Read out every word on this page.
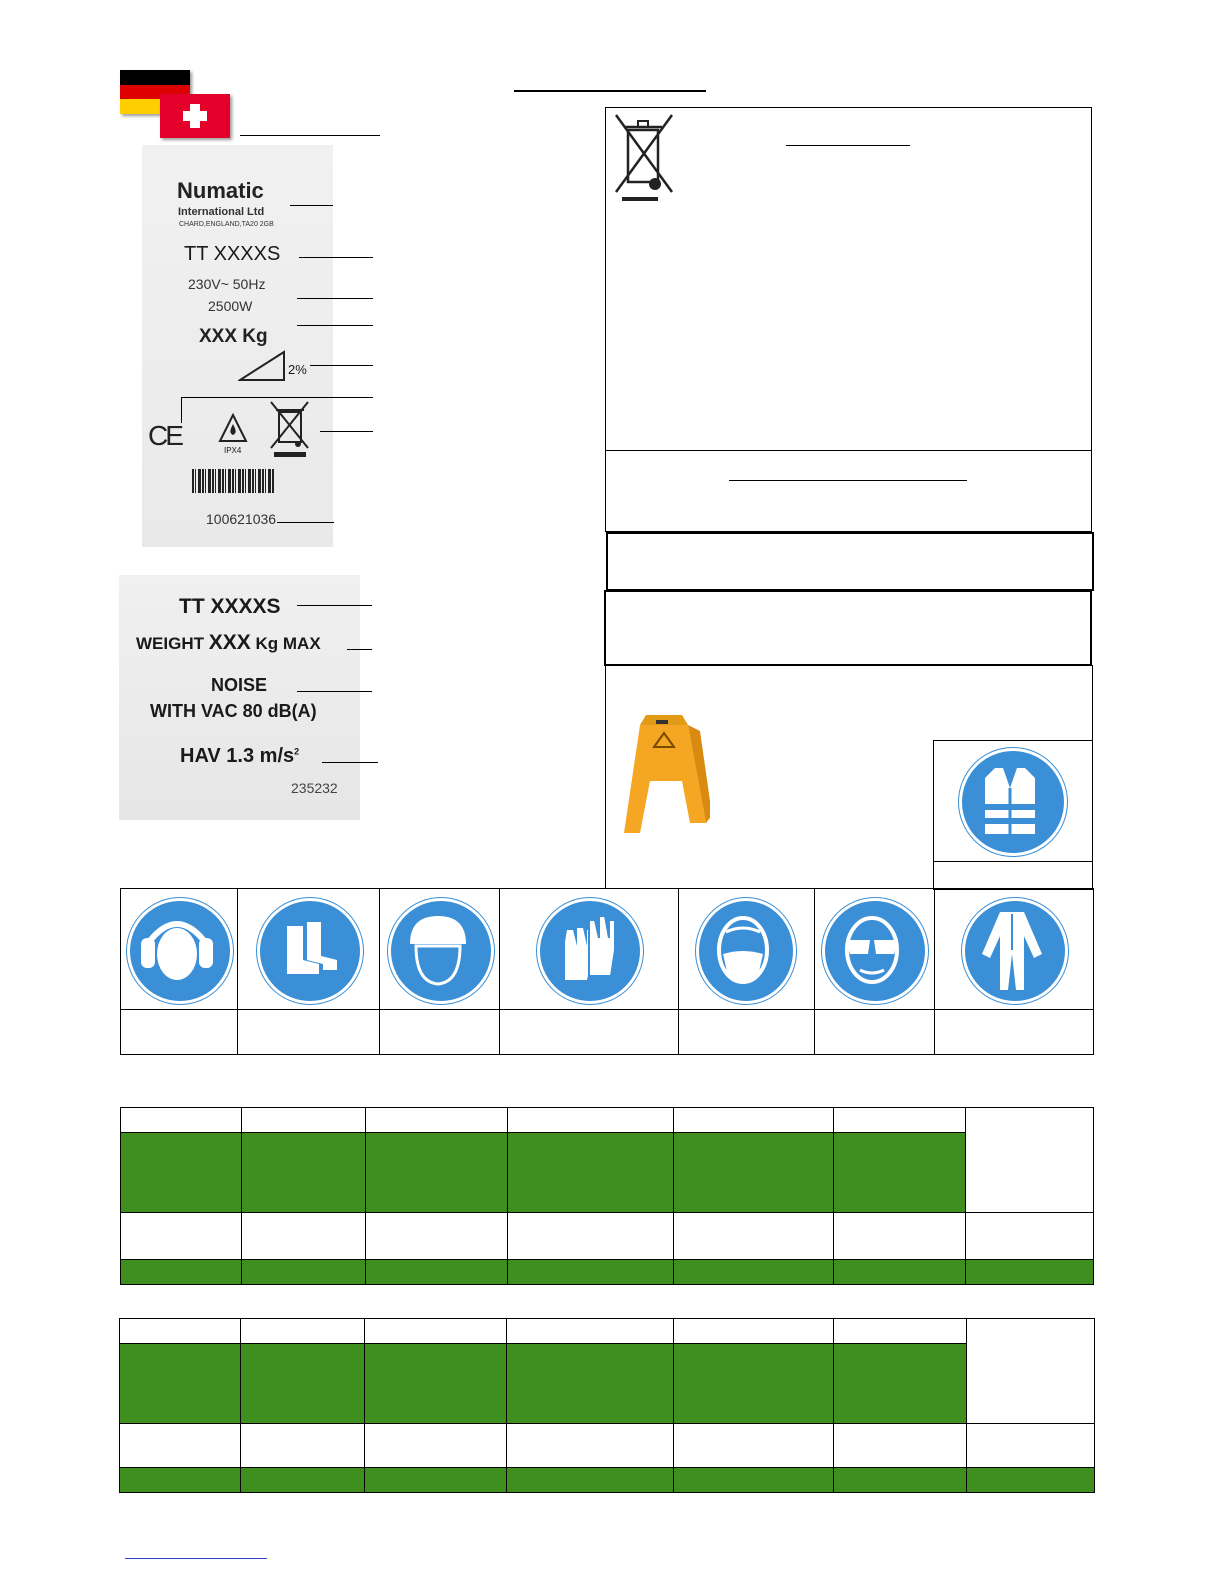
Numatic
International Ltd
CHARD,ENGLAND,TA20 2GB
TT XXXXS
230V~ 50Hz
2500W
XXX Kg
2%
CE	IPX4
100621036
TT XXXXS
WEIGHT XXX Kg MAX
NOISE
WITH VAC 80 dB(A)
HAV 1.3 $m/s^2$
235232
